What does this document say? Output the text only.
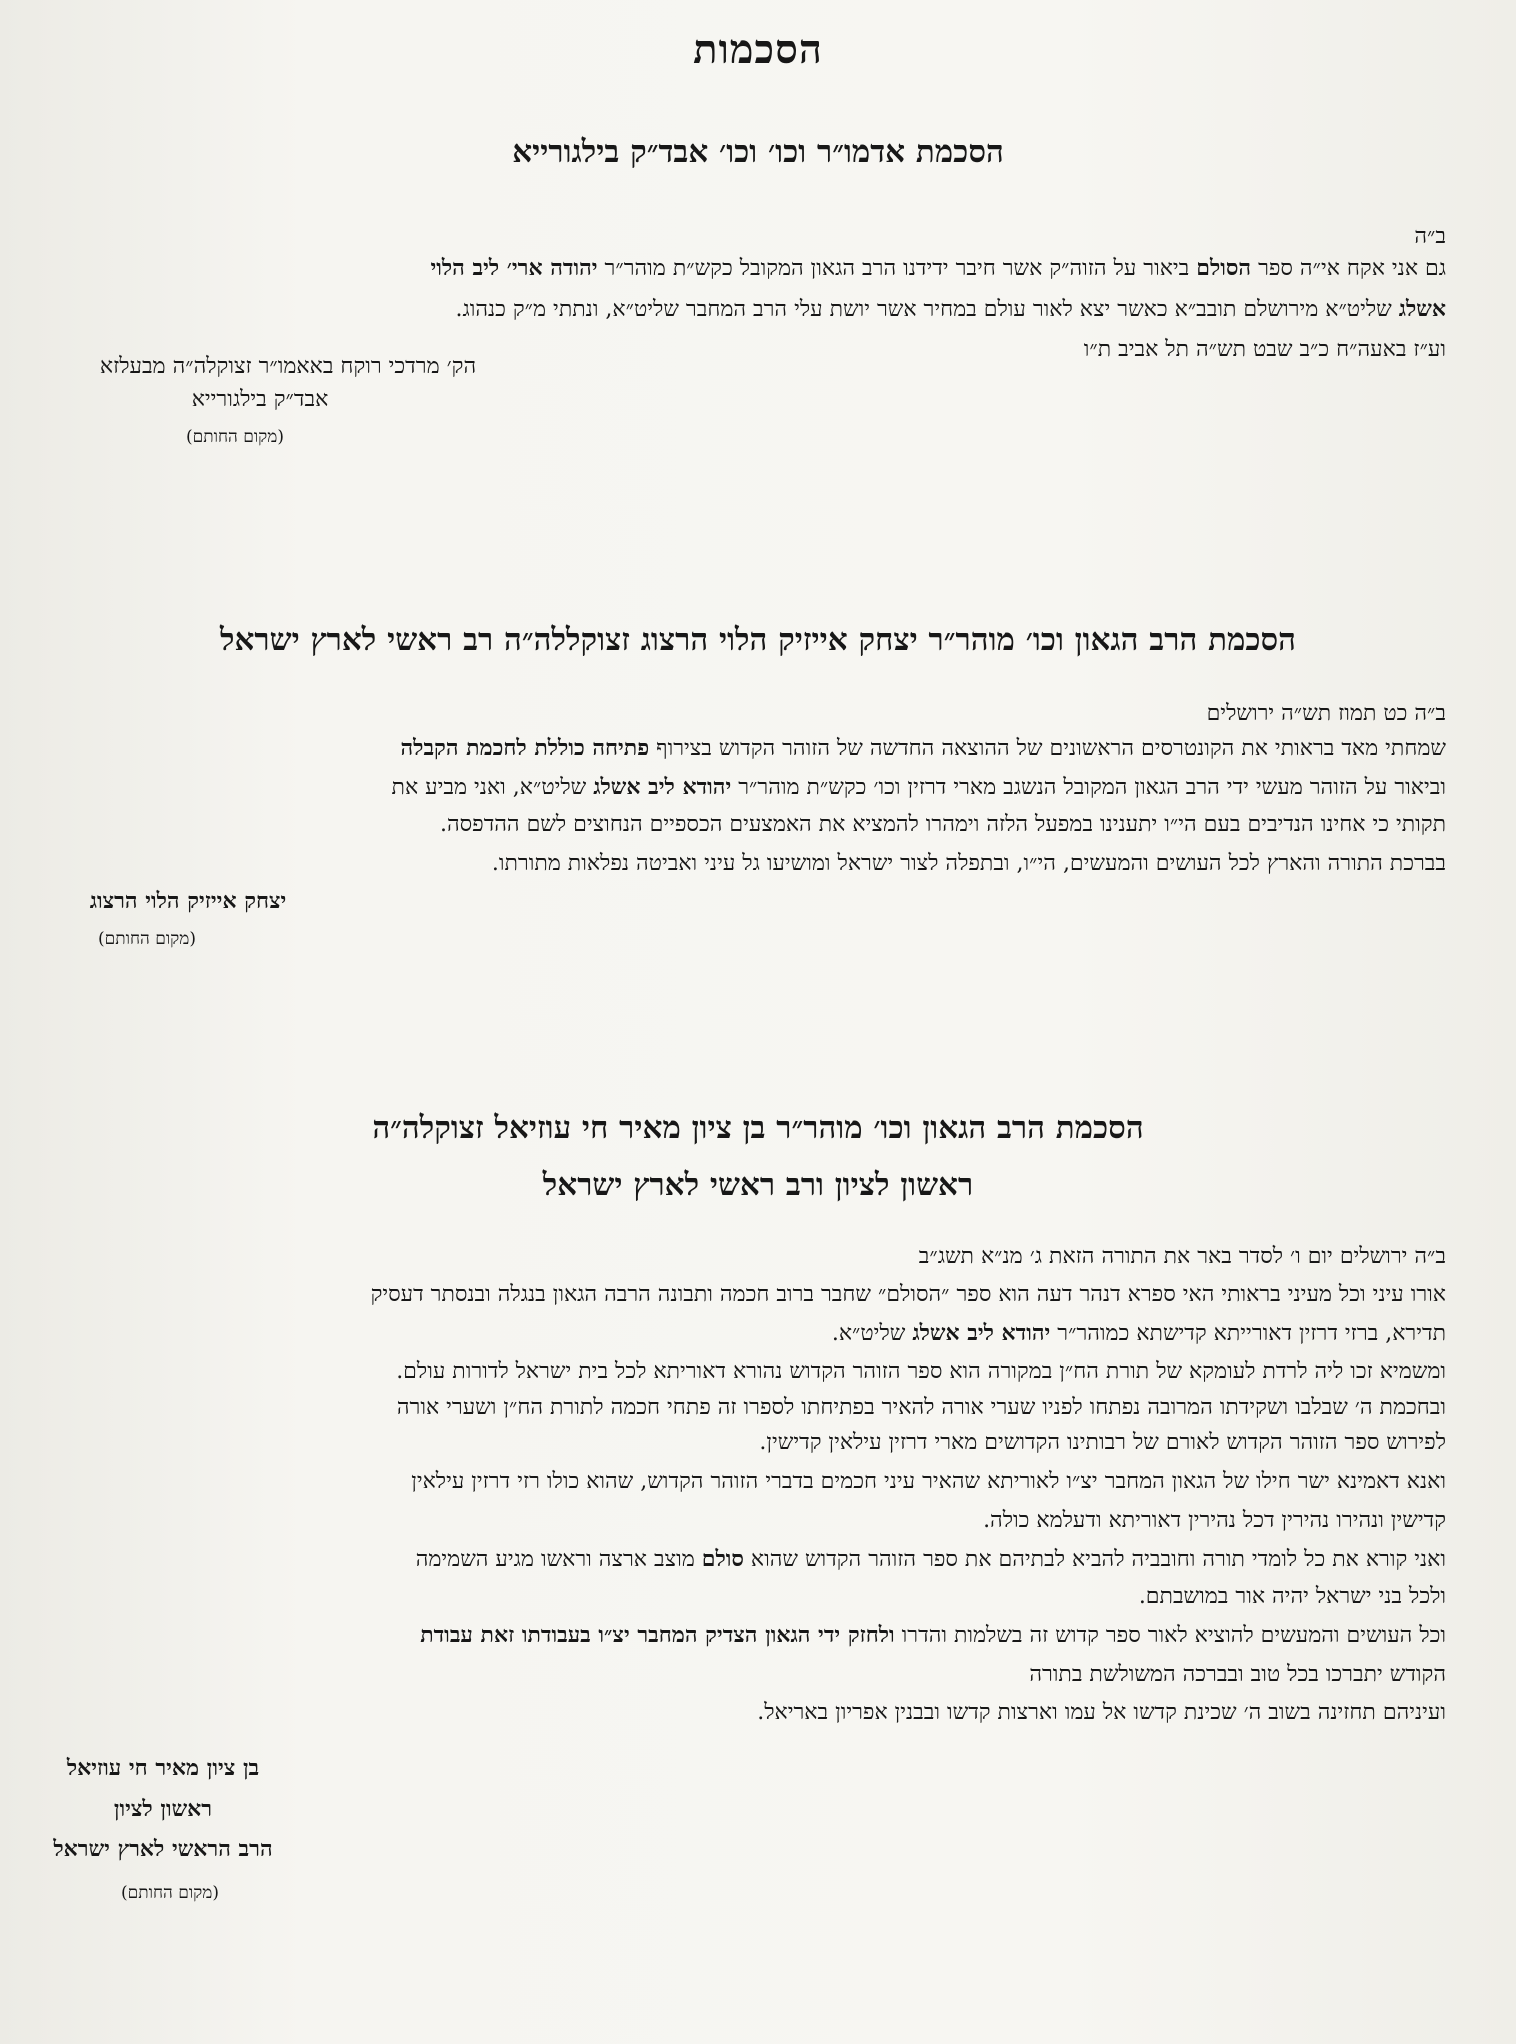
הסכמות
הסכמת אדמו״ר וכו׳ וכו׳ אבד״ק בילגורייא
ב״ה
גם אני אקח אי״ה ספר הסולם ביאור על הזוה״ק אשר חיבר ידידנו הרב הגאון המקובל כקש״ת מוהר״ר יהודה ארי׳ ליב הלוי
אשלג שליט״א מירושלם תובב״א כאשר יצא לאור עולם במחיר אשר יושת עלי הרב המחבר שליט״א, ונתתי מ״ק כנהוג.
וע״ז באעה״ח כ״ב שבט תש״ה תל אביב ת״ו
הק׳ מרדכי רוקח באאמו״ר זצוקלה״ה מבעלזא
אבד״ק בילגורייא
(מקום החותם)
הסכמת הרב הגאון וכו׳ מוהר״ר יצחק אייזיק הלוי הרצוג זצוקללה״ה רב ראשי לארץ ישראל
ב״ה כט תמוז תש״ה ירושלים
שמחתי מאד בראותי את הקונטרסים הראשונים של ההוצאה החדשה של הזוהר הקדוש בצירוף פתיחה כוללת לחכמת הקבלה
וביאור על הזוהר מעשי ידי הרב הגאון המקובל הנשגב מארי דרזין וכו׳ כקש״ת מוהר״ר יהודא ליב אשלג שליט״א, ואני מביע את
תקותי כי אחינו הנדיבים בעם הי״ו יתענינו במפעל הלזה וימהרו להמציא את האמצעים הכספיים הנחוצים לשם ההדפסה.
בברכת התורה והארץ לכל העושים והמעשים, הי״ו, ובתפלה לצור ישראל ומושיעו גל עיני ואביטה נפלאות מתורתו.
יצחק אייזיק הלוי הרצוג
(מקום החותם)
הסכמת הרב הגאון וכו׳ מוהר״ר בן ציון מאיר חי עוזיאל זצוקלה״ה
ראשון לציון ורב ראשי לארץ ישראל
ב״ה ירושלים יום ו׳ לסדר באר את התורה הזאת ג׳ מנ״א תשג״ב
אורו עיני וכל מעיני בראותי האי ספרא דנהר דעה הוא ספר ״הסולם״ שחבר ברוב חכמה ותבונה הרבה הגאון בנגלה ובנסתר דעסיק
תדירא, ברזי דרזין דאורייתא קדישתא כמוהר״ר יהודא ליב אשלג שליט״א.
ומשמיא זכו ליה לרדת לעומקא של תורת הח״ן במקורה הוא ספר הזוהר הקדוש נהורא דאוריתא לכל בית ישראל לדורות עולם.
ובחכמת ה׳ שבלבו ושקידתו המרובה נפתחו לפניו שערי אורה להאיר בפתיחתו לספרו זה פתחי חכמה לתורת הח״ן ושערי אורה
לפירוש ספר הזוהר הקדוש לאורם של רבותינו הקדושים מארי דרזין עילאין קדישין.
ואנא דאמינא ישר חילו של הגאון המחבר יצ״ו לאוריתא שהאיר עיני חכמים בדברי הזוהר הקדוש, שהוא כולו רזי דרזין עילאין
קדישין ונהירו נהירין דכל נהירין דאוריתא ודעלמא כולה.
ואני קורא את כל לומדי תורה וחובביה להביא לבתיהם את ספר הזוהר הקדוש שהוא סולם מוצב ארצה וראשו מגיע השמימה
ולכל בני ישראל יהיה אור במושבתם.
וכל העושים והמעשים להוציא לאור ספר קדוש זה בשלמות והדרו ולחזק ידי הגאון הצדיק המחבר יצ״ו בעבודתו זאת עבודת
הקודש יתברכו בכל טוב ובברכה המשולשת בתורה
ועיניהם תחזינה בשוב ה׳ שכינת קדשו אל עמו וארצות קדשו ובבנין אפריון באריאל.
בן ציון מאיר חי עוזיאל
ראשון לציון
הרב הראשי לארץ ישראל
(מקום החותם)
